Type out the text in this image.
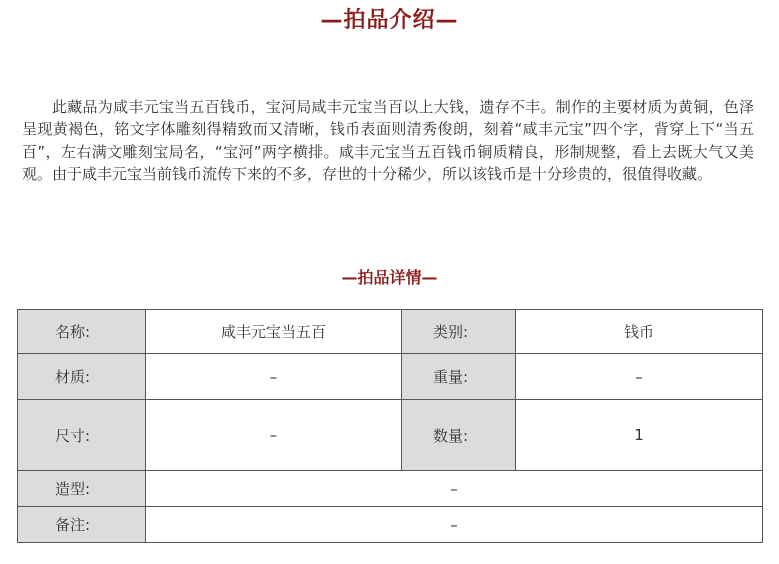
—拍品介绍—

此藏品为咸丰元宝当五百钱币，宝河局咸丰元宝当百以上大钱，遗存不丰。制作的主要材质为黄铜，色泽呈现黄褐色，铭文字体雕刻得精致而又清晰，钱币表面则清秀俊朗，刻着“咸丰元宝”四个字，背穿上下“当五百”，左右满文雕刻宝局名，“宝河”两字横排。咸丰元宝当五百钱币铜质精良，形制规整，看上去既大气又美观。由于咸丰元宝当前钱币流传下来的不多，存世的十分稀少，所以该钱币是十分珍贵的，很值得收藏。

—拍品详情—
名称:	咸丰元宝当五百	类别:	钱币
材质:	–	重量:	–
尺寸:	–	数量:	1
造型:	–		
备注:	–		
